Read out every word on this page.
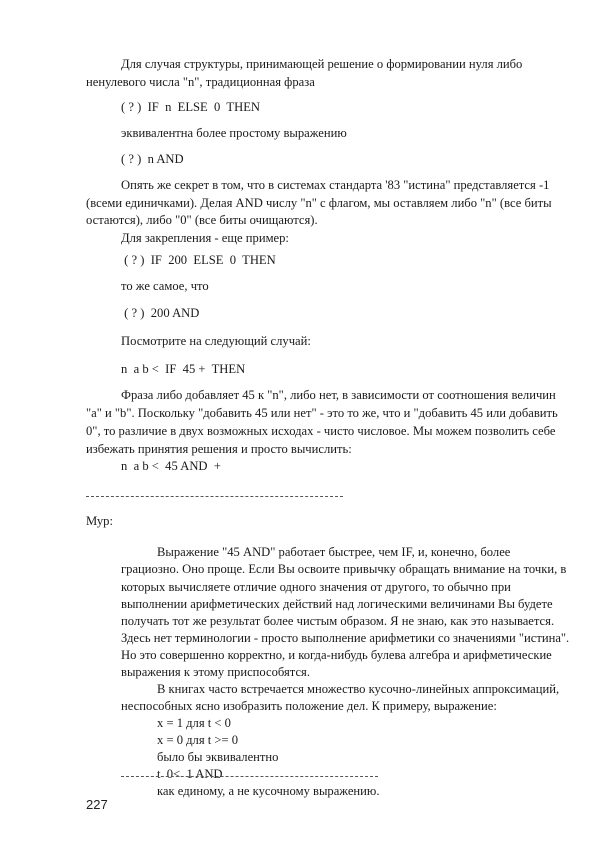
Для случая структуры, принимающей решение о формировании нуля либо
ненулевого числа "n", традиционная фраза
( ? )  IF  n  ELSE  0  THEN
эквивалентна более простому выражению
( ? )  n AND
Опять же секрет в том, что в системах стандарта '83 "истина" представляется -1
(всеми единичками). Делая AND числу "n" с флагом, мы оставляем либо "n" (все биты
остаются), либо "0" (все биты очищаются).
Для закрепления - еще пример:
( ? )  IF  200  ELSE  0  THEN
то же самое, что
( ? )  200 AND
Посмотрите на следующий случай:
n  a b <  IF  45 +  THEN
Фраза либо добавляет 45 к "n", либо нет, в зависимости от соотношения величин
"a" и "b". Поскольку "добавить 45 или нет" - это то же, что и "добавить 45 или добавить
0", то различие в двух возможных исходах - чисто числовое. Мы можем позволить себе
избежать принятия решения и просто вычислить:
n  a b <  45 AND  +
Мур:
Выражение "45 AND" работает быстрее, чем IF, и, конечно, более
грациозно. Оно проще. Если Вы освоите привычку обращать внимание на точки, в
которых вычисляете отличие одного значения от другого, то обычно при
выполнении арифметических действий над логическими величинами Вы будете
получать тот же результат более чистым образом. Я не знаю, как это называется.
Здесь нет терминологии - просто выполнение арифметики со значениями "истина".
Но это совершенно корректно, и когда-нибудь булева алгебра и арифметические
выражения к этому приспособятся.
В книгах часто встречается множество кусочно-линейных аппроксимаций,
неспособных ясно изобразить положение дел. К примеру, выражение:
x = 1 для t < 0
x = 0 для t >= 0
было бы эквивалентно
t  0<  1 AND
как единому, а не кусочному выражению.
227
